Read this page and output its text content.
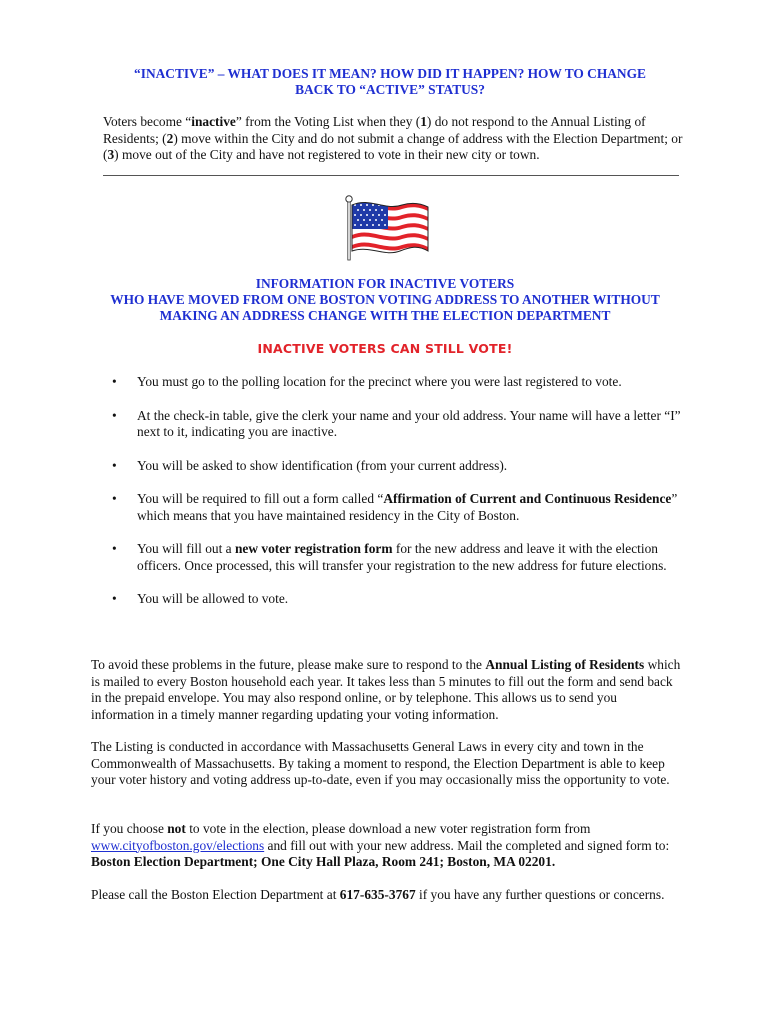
“INACTIVE” – WHAT DOES IT MEAN? HOW DID IT HAPPEN? HOW TO CHANGE
BACK TO “ACTIVE” STATUS?
Voters become “inactive” from the Voting List when they (1) do not respond to the Annual Listing of Residents; (2) move within the City and do not submit a change of address with the Election Department; or (3) move out of the City and have not registered to vote in their new city or town.
INFORMATION FOR INACTIVE VOTERS
WHO HAVE MOVED FROM ONE BOSTON VOTING ADDRESS TO ANOTHER WITHOUT
MAKING AN ADDRESS CHANGE WITH THE ELECTION DEPARTMENT
INACTIVE VOTERS CAN STILL VOTE!
• You must go to the polling location for the precinct where you were last registered to vote.
• At the check-in table, give the clerk your name and your old address. Your name will have a letter “I” next to it, indicating you are inactive.
• You will be asked to show identification (from your current address).
• You will be required to fill out a form called “Affirmation of Current and Continuous Residence” which means that you have maintained residency in the City of Boston.
• You will fill out a new voter registration form for the new address and leave it with the election officers. Once processed, this will transfer your registration to the new address for future elections.
• You will be allowed to vote.
To avoid these problems in the future, please make sure to respond to the Annual Listing of Residents which is mailed to every Boston household each year. It takes less than 5 minutes to fill out the form and send back in the prepaid envelope. You may also respond online, or by telephone. This allows us to send you information in a timely manner regarding updating your voting information.
The Listing is conducted in accordance with Massachusetts General Laws in every city and town in the Commonwealth of Massachusetts. By taking a moment to respond, the Election Department is able to keep your voter history and voting address up-to-date, even if you may occasionally miss the opportunity to vote.
If you choose not to vote in the election, please download a new voter registration form from www.cityofboston.gov/elections and fill out with your new address. Mail the completed and signed form to: Boston Election Department; One City Hall Plaza, Room 241; Boston, MA 02201.
Please call the Boston Election Department at 617-635-3767 if you have any further questions or concerns.
